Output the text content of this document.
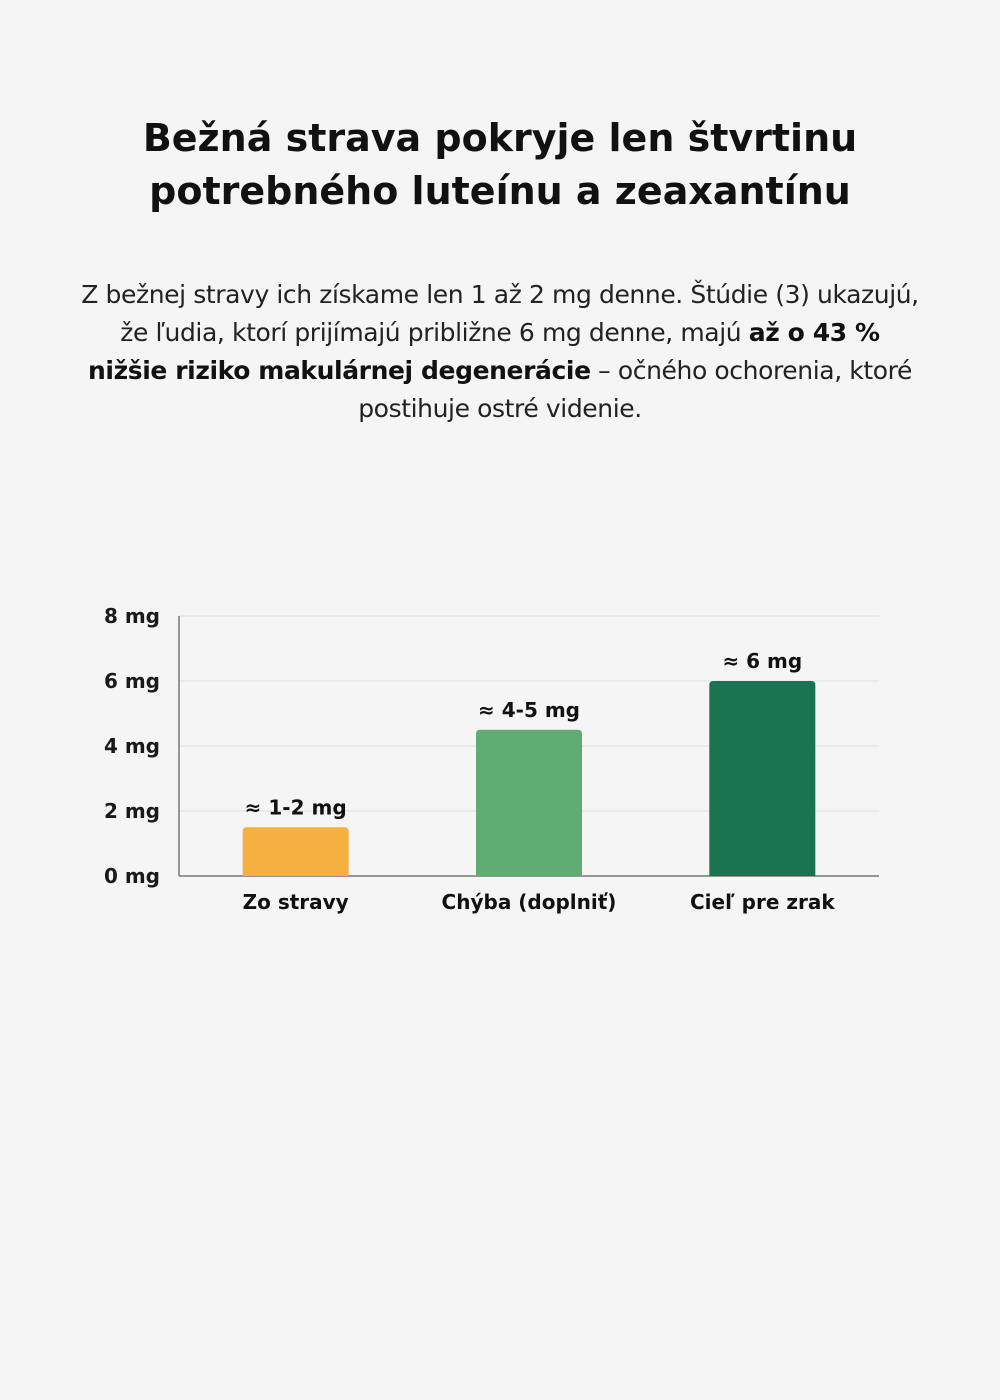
Bežná strava pokryje len štvrtinu
potrebného luteínu a zeaxantínu

Z bežnej stravy ich získame len 1 až 2 mg denne. Štúdie (3) ukazujú, že ľudia, ktorí prijímajú približne 6 mg denne, majú až o 43 % nižšie riziko makulárnej degenerácie – očného ochorenia, ktoré postihuje ostré videnie.

0 mg
2 mg
4 mg
6 mg
8 mg
≈ 1-2 mg
Zo stravy
≈ 4-5 mg
Chýba (doplniť)
≈ 6 mg
Cieľ pre zrak
